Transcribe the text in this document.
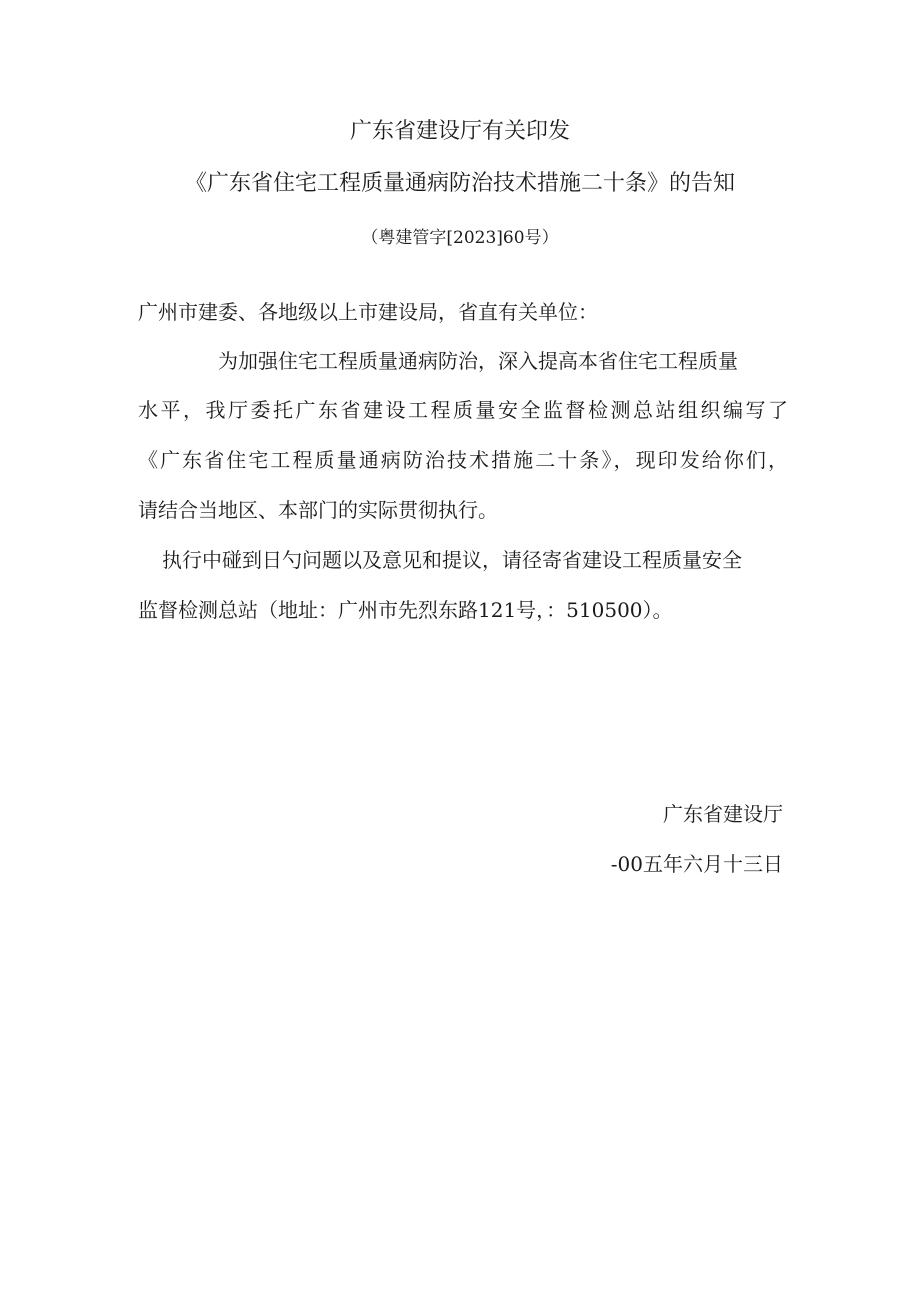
广东省建设厅有关印发
《广东省住宅工程质量通病防治技术措施二十条》的告知
（粤建管字[2023]60号）
广州市建委、各地级以上市建设局，省直有关单位：
为加强住宅工程质量通病防治，深入提高本省住宅工程质量
水平，我厅委托广东省建设工程质量安全监督检测总站组织编写了
《广东省住宅工程质量通病防治技术措施二十条》，现印发给你们，
请结合当地区、本部门的实际贯彻执行。
执行中碰到日勺问题以及意见和提议，请径寄省建设工程质量安全
监督检测总站（地址：广州市先烈东路121号，：510500）。
广东省建设厅
-00五年六月十三日
